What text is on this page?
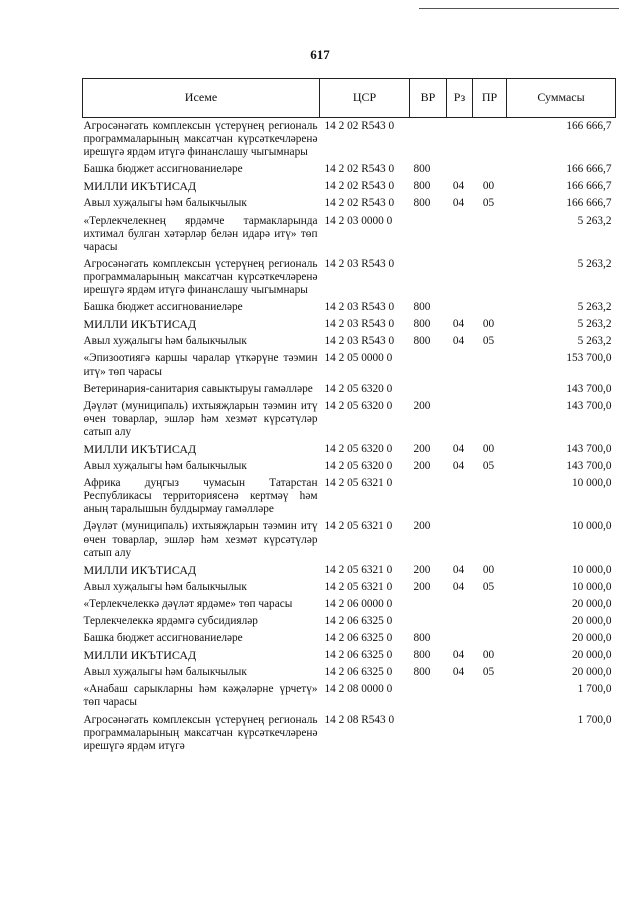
617
Исеме	ЦСР	ВР	Рз	ПР	Суммасы
Агросәнәгать комплексын үстерүнең региональ программаларының максатчан күрсәткечләренә ирешүгә ярдәм итүгә финанслашу чыгымнары	14 2 02 R543 0				166 666,7
Башка бюджет ассигнованиеләре	14 2 02 R543 0	800			166 666,7
МИЛЛИ ИКЪТИСАД	14 2 02 R543 0	800	04	00	166 666,7
Авыл хуҗалыгы һәм балыкчылык	14 2 02 R543 0	800	04	05	166 666,7
«Терлекчелекнең ярдәмче тармакларында ихтимал булган хәтәрләр белән идарә итү» төп чарасы	14 2 03 0000 0				5 263,2
Агросәнәгать комплексын үстерүнең региональ программаларының максатчан күрсәткечләренә ирешүгә ярдәм итүгә финанслашу чыгымнары	14 2 03 R543 0				5 263,2
Башка бюджет ассигнованиеләре	14 2 03 R543 0	800			5 263,2
МИЛЛИ ИКЪТИСАД	14 2 03 R543 0	800	04	00	5 263,2
Авыл хуҗалыгы һәм балыкчылык	14 2 03 R543 0	800	04	05	5 263,2
«Эпизоотиягә каршы чаралар үткәрүне тәэмин итү» төп чарасы	14 2 05 0000 0				153 700,0
Ветеринария-санитария савыктыруы гамәлләре	14 2 05 6320 0				143 700,0
Дәүләт (муниципаль) ихтыяҗларын тәэмин итү өчен товарлар, эшләр һәм хезмәт күрсәтүләр сатып алу	14 2 05 6320 0	200			143 700,0
МИЛЛИ ИКЪТИСАД	14 2 05 6320 0	200	04	00	143 700,0
Авыл хуҗалыгы һәм балыкчылык	14 2 05 6320 0	200	04	05	143 700,0
Африка дуңгыз чумасын Татарстан Республикасы территориясенә кертмәү һәм аның таралышын булдырмау гамәлләре	14 2 05 6321 0				10 000,0
Дәүләт (муниципаль) ихтыяҗларын тәэмин итү өчен товарлар, эшләр һәм хезмәт күрсәтүләр сатып алу	14 2 05 6321 0	200			10 000,0
МИЛЛИ ИКЪТИСАД	14 2 05 6321 0	200	04	00	10 000,0
Авыл хуҗалыгы һәм балыкчылык	14 2 05 6321 0	200	04	05	10 000,0
«Терлекчелеккә дәүләт ярдәме» төп чарасы	14 2 06 0000 0				20 000,0
Терлекчелеккә ярдәмгә субсидияләр	14 2 06 6325 0				20 000,0
Башка бюджет ассигнованиеләре	14 2 06 6325 0	800			20 000,0
МИЛЛИ ИКЪТИСАД	14 2 06 6325 0	800	04	00	20 000,0
Авыл хуҗалыгы һәм балыкчылык	14 2 06 6325 0	800	04	05	20 000,0
«Анабаш сарыкларны һәм кәҗәләрне үрчетү» төп чарасы	14 2 08 0000 0				1 700,0
Агросәнәгать комплексын үстерүнең региональ программаларының максатчан күрсәткечләренә ирешүгә ярдәм итүгә	14 2 08 R543 0				1 700,0
